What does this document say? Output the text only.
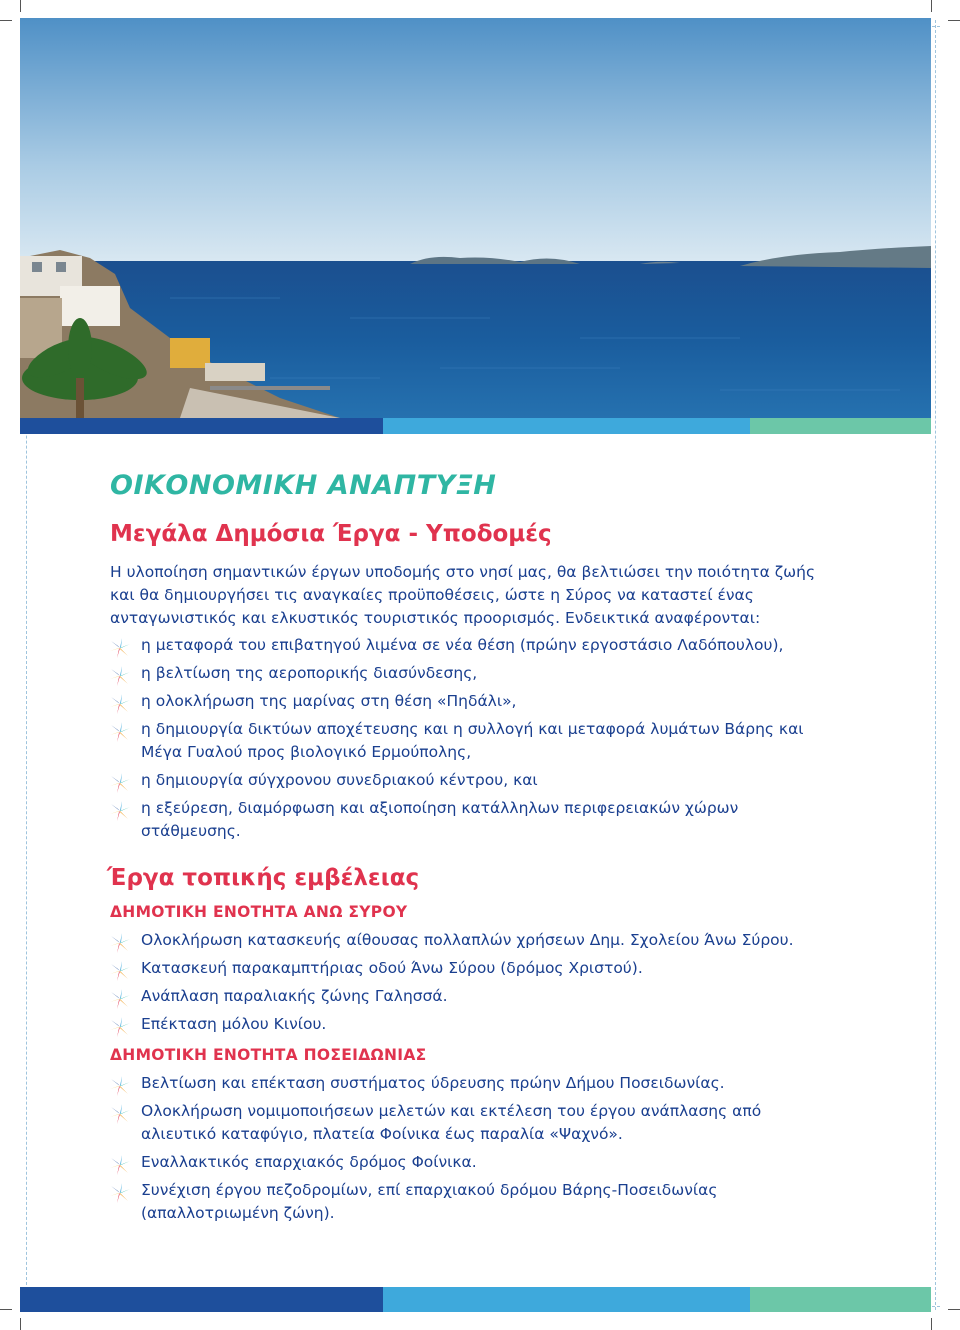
ΟΙΚΟΝΟΜΙΚΗ ΑΝΑΠΤΥΞΗ
Μεγάλα Δημόσια Έργα - Υποδομές

Η υλοποίηση σημαντικών έργων υποδομής στο νησί μας, θα βελτιώσει την ποιότητα ζωής και θα δημιουργήσει τις αναγκαίες προϋποθέσεις, ώστε η Σύρος να καταστεί ένας ανταγωνιστικός και ελκυστικός τουριστικός προορισμός. Ενδεικτικά αναφέρονται:

η μεταφορά του επιβατηγού λιμένα σε νέα θέση (πρώην εργοστάσιο Λαδόπουλου),
η βελτίωση της αεροπορικής διασύνδεσης,
η ολοκλήρωση της μαρίνας στη θέση «Πηδάλι»,
η δημιουργία δικτύων αποχέτευσης και η συλλογή και μεταφορά λυμάτων Βάρης και Μέγα Γυαλού προς βιολογικό Ερμούπολης,
η δημιουργία σύγχρονου συνεδριακού κέντρου, και
η εξεύρεση, διαμόρφωση και αξιοποίηση κατάλληλων περιφερειακών χώρων στάθμευσης.
Έργα τοπικής εμβέλειας
ΔΗΜΟΤΙΚΗ ΕΝΟΤΗΤΑ ΑΝΩ ΣΥΡΟΥ
Ολοκλήρωση κατασκευής αίθουσας πολλαπλών χρήσεων Δημ. Σχολείου Άνω Σύρου.
Κατασκευή παρακαμπτήριας οδού Άνω Σύρου (δρόμος Χριστού).
Ανάπλαση παραλιακής ζώνης Γαλησσά.
Επέκταση μόλου Κινίου.
ΔΗΜΟΤΙΚΗ ΕΝΟΤΗΤΑ ΠΟΣΕΙΔΩΝΙΑΣ
Βελτίωση και επέκταση συστήματος ύδρευσης πρώην Δήμου Ποσειδωνίας.
Ολοκλήρωση νομιμοποιήσεων μελετών και εκτέλεση του έργου ανάπλασης από αλιευτικό καταφύγιο, πλατεία Φοίνικα έως παραλία «Ψαχνό».
Εναλλακτικός επαρχιακός δρόμος Φοίνικα.
Συνέχιση έργου πεζοδρομίων, επί επαρχιακού δρόμου Βάρης-Ποσειδωνίας (απαλλοτριωμένη ζώνη).
